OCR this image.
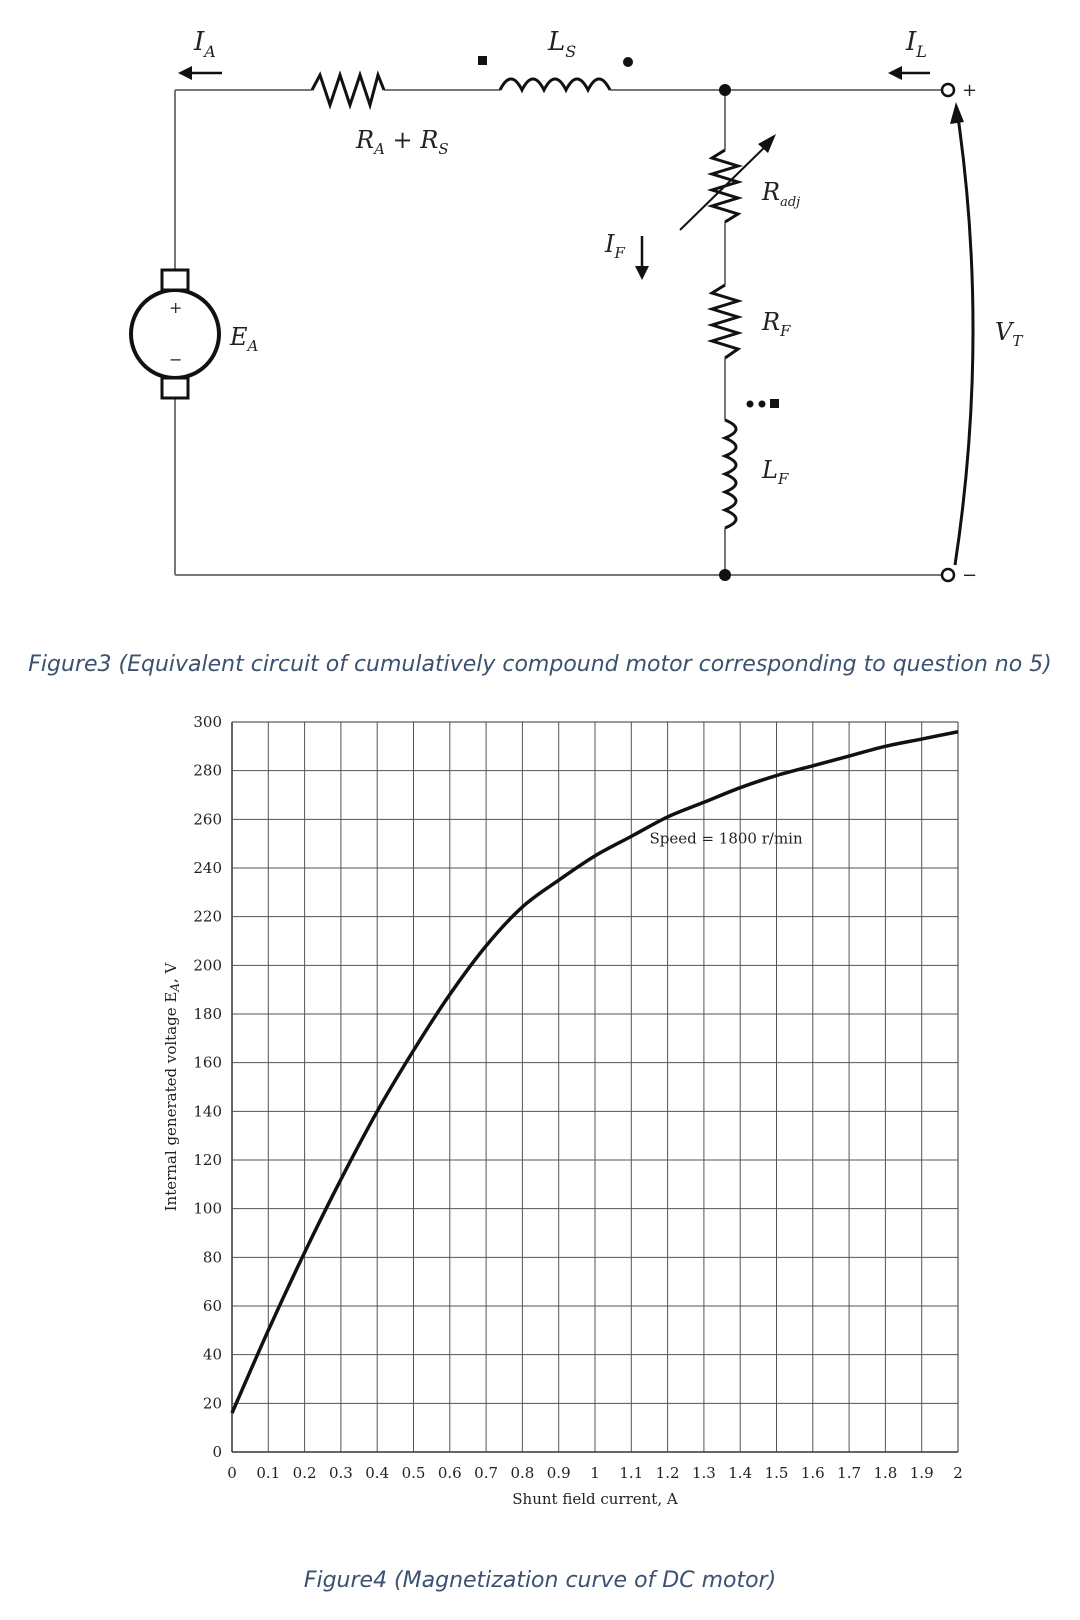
+
−
+
−
$I_A$	$L_S$	$I_L$
$R_A + R_S$
$R_{adj}$
$I_F$
$R_F$
$L_F$
$E_A$	$V_T$
Figure3 (Equivalent circuit of cumulatively compound motor corresponding to question no 5)
0 0.1 0.2 0.3 0.4 0.5 0.6 0.7 0.8 0.9 1 1.1 1.2 1.3 1.4 1.5 1.6 1.7 1.8 1.9 2
0
20
40
60
80
100
120
140
160
180
200
220
240
260
280
300
Speed = 1800 r/min
Shunt field current, A
Internal generated voltage $E_A$, V
Figure4 (Magnetization curve of DC motor)
